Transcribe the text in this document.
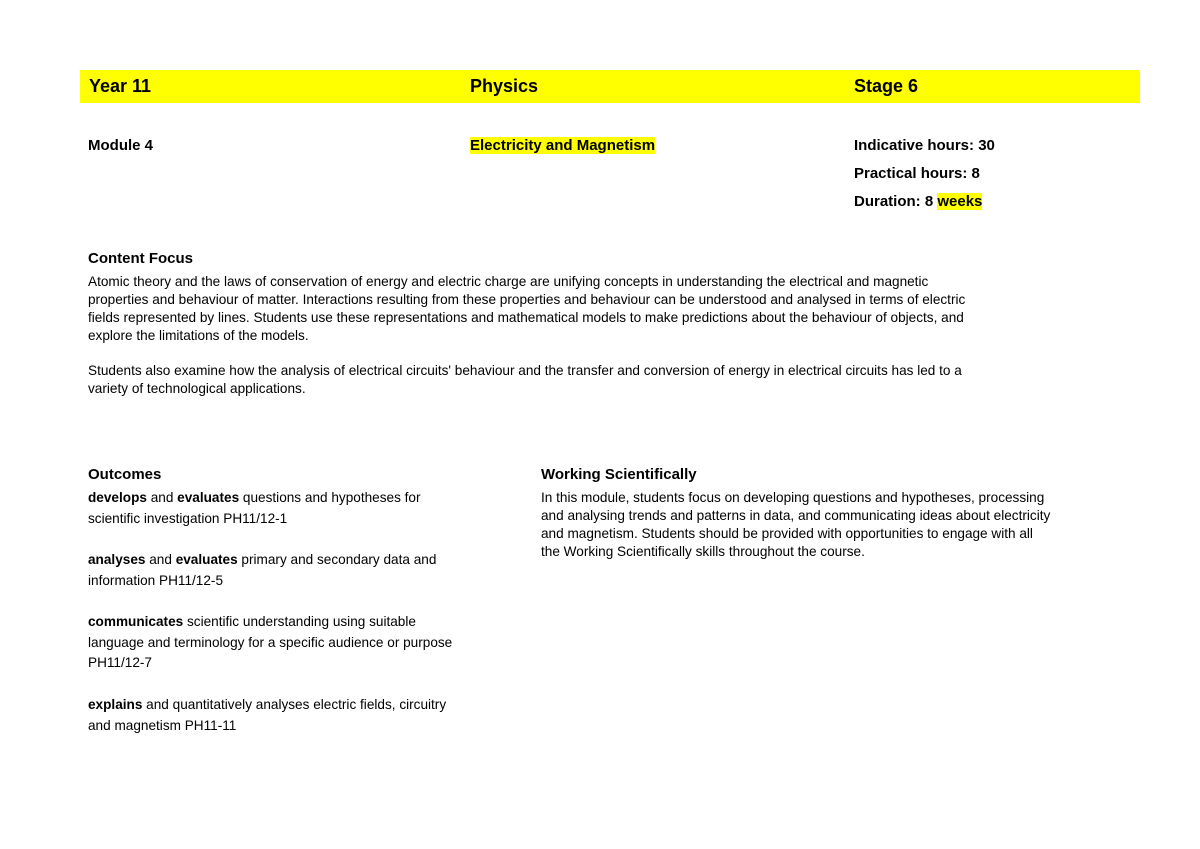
Year 11	Physics	Stage 6
Module 4	Electricity and Magnetism	Indicative hours: 30
Practical hours: 8
Duration: 8 weeks
Content Focus
Atomic theory and the laws of conservation of energy and electric charge are unifying concepts in understanding the electrical and magnetic
properties and behaviour of matter. Interactions resulting from these properties and behaviour can be understood and analysed in terms of electric
fields represented by lines. Students use these representations and mathematical models to make predictions about the behaviour of objects, and
explore the limitations of the models.
Students also examine how the analysis of electrical circuits' behaviour and the transfer and conversion of energy in electrical circuits has led to a
variety of technological applications.
Outcomes
develops and evaluates questions and hypotheses for
scientific investigation PH11/12-1
analyses and evaluates primary and secondary data and
information PH11/12-5
communicates scientific understanding using suitable
language and terminology for a specific audience or purpose
PH11/12-7
explains and quantitatively analyses electric fields, circuitry
and magnetism PH11-11
Working Scientifically
In this module, students focus on developing questions and hypotheses, processing
and analysing trends and patterns in data, and communicating ideas about electricity
and magnetism. Students should be provided with opportunities to engage with all
the Working Scientifically skills throughout the course.
